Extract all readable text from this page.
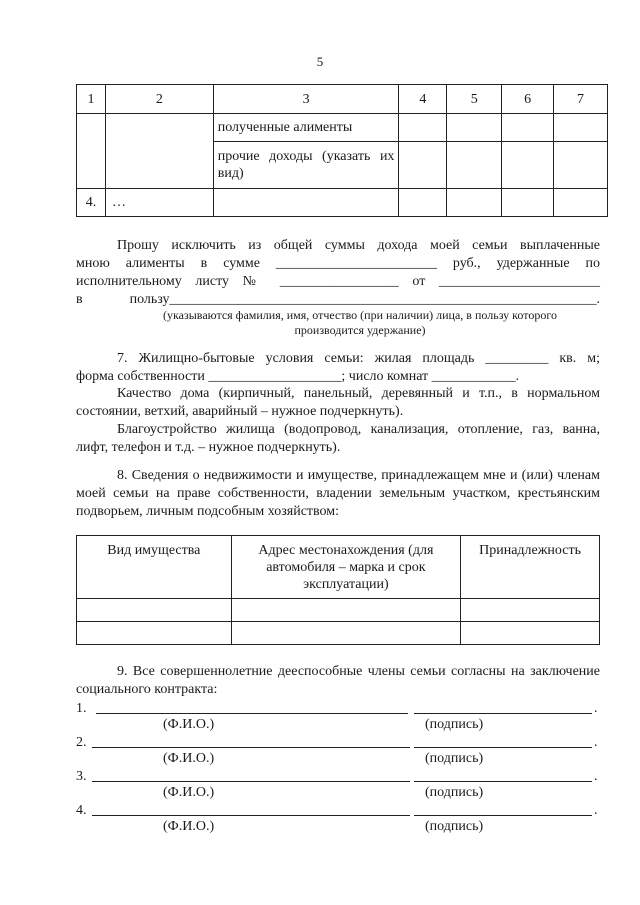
5
1	2	3	4	5	6	7
		полученные алименты				
		прочие доходы (указать их вид)				
4.	…					
Прошу исключить из общей суммы дохода моей семьи выплаченные
мною алименты в сумме _______________________ руб., удержанные по
исполнительному листу № _________________ от _______________________
в пользу_____________________________________________________________.
(указываются фамилия, имя, отчество (при наличии) лица, в пользу которого производится удержание)
7. Жилищно-бытовые условия семьи: жилая площадь _________ кв. м;
форма собственности ___________________; число комнат ____________.
Качество дома (кирпичный, панельный, деревянный и т.п., в нормальном состоянии, ветхий, аварийный – нужное подчеркнуть).
Благоустройство жилища (водопровод, канализация, отопление, газ, ванна, лифт, телефон и т.д. – нужное подчеркнуть).
8. Сведения о недвижимости и имуществе, принадлежащем мне и (или) членам моей семьи на праве собственности, владении земельным участком, крестьянским подворьем, личным подсобным хозяйством:
Вид имущества	Адрес местонахождения (для автомобиля – марка и срок эксплуатации)	Принадлежность

9. Все совершеннолетние дееспособные члены семьи согласны на заключение социального контракта:
1.	.
(Ф.И.О.)	(подпись)
2.	.
(Ф.И.О.)	(подпись)
3.	.
(Ф.И.О.)	(подпись)
4.	.
(Ф.И.О.)	(подпись)
